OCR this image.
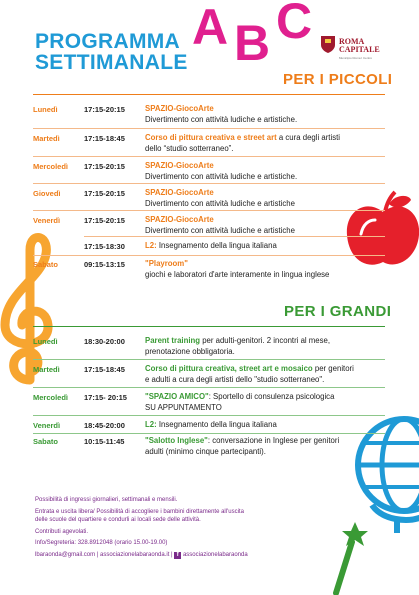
A B C
PROGRAMMA
SETTIMANALE
ROMA
CAPITALE
Municipio Roma I Centro
PER I PICCOLI
Lunedì	17:15-20:15	SPAZIO-GiocoArte
Divertimento con attività ludiche e artistiche.
Martedì	17:15-18:45	Corso di pittura creativa e street art a cura degli artisti
dello “studio sotterraneo”.
Mercoledì 17:15-20:15	SPAZIO-GiocoArte
Divertimento con attività ludiche e artistiche.
Giovedì	17:15-20:15	SPAZIO-GiocoArte
Divertimento con attività ludiche e artistiche
Venerdì	17:15-20:15	SPAZIO-GiocoArte
Divertimento con attività ludiche e artistiche
17:15-18:30	L2: Insegnamento della lingua italiana
Sabato	09:15-13:15	"Playroom"
giochi e laboratori d'arte interamente in lingua inglese
PER I GRANDI
Lunedì	18:30-20:00	Parent training per adulti-genitori. 2 incontri al mese,
prenotazione obbligatoria.
Martedì	17:15-18:45	Corso di pittura creativa, street art e mosaico per genitori
e adulti a cura degli artisti dello "studio sotterraneo".
Mercoledì 17:15- 20:15 "SPAZIO AMICO": Sportello di consulenza psicologica
SU APPUNTAMENTO
Venerdì	18:45-20:00	L2: Insegnamento della lingua italiana
Sabato	10:15-11:45	"Salotto Inglese": conversazione in Inglese per genitori
adulti (minimo cinque partecipanti).
Possibilità di ingressi giornalieri, settimanali e mensili.
Entrata e uscita libera/ Possibilità di accogliere i bambini direttamente all'uscita
delle scuole del quartiere e condurli ai locali sede delle attività.
Contributi agevolati.
Info/Segreteria: 328.8912048 (orario 15.00-19.00)
lbaraonda@gmail.com | associazionelabaraonda.it | f associazionelabaraonda
